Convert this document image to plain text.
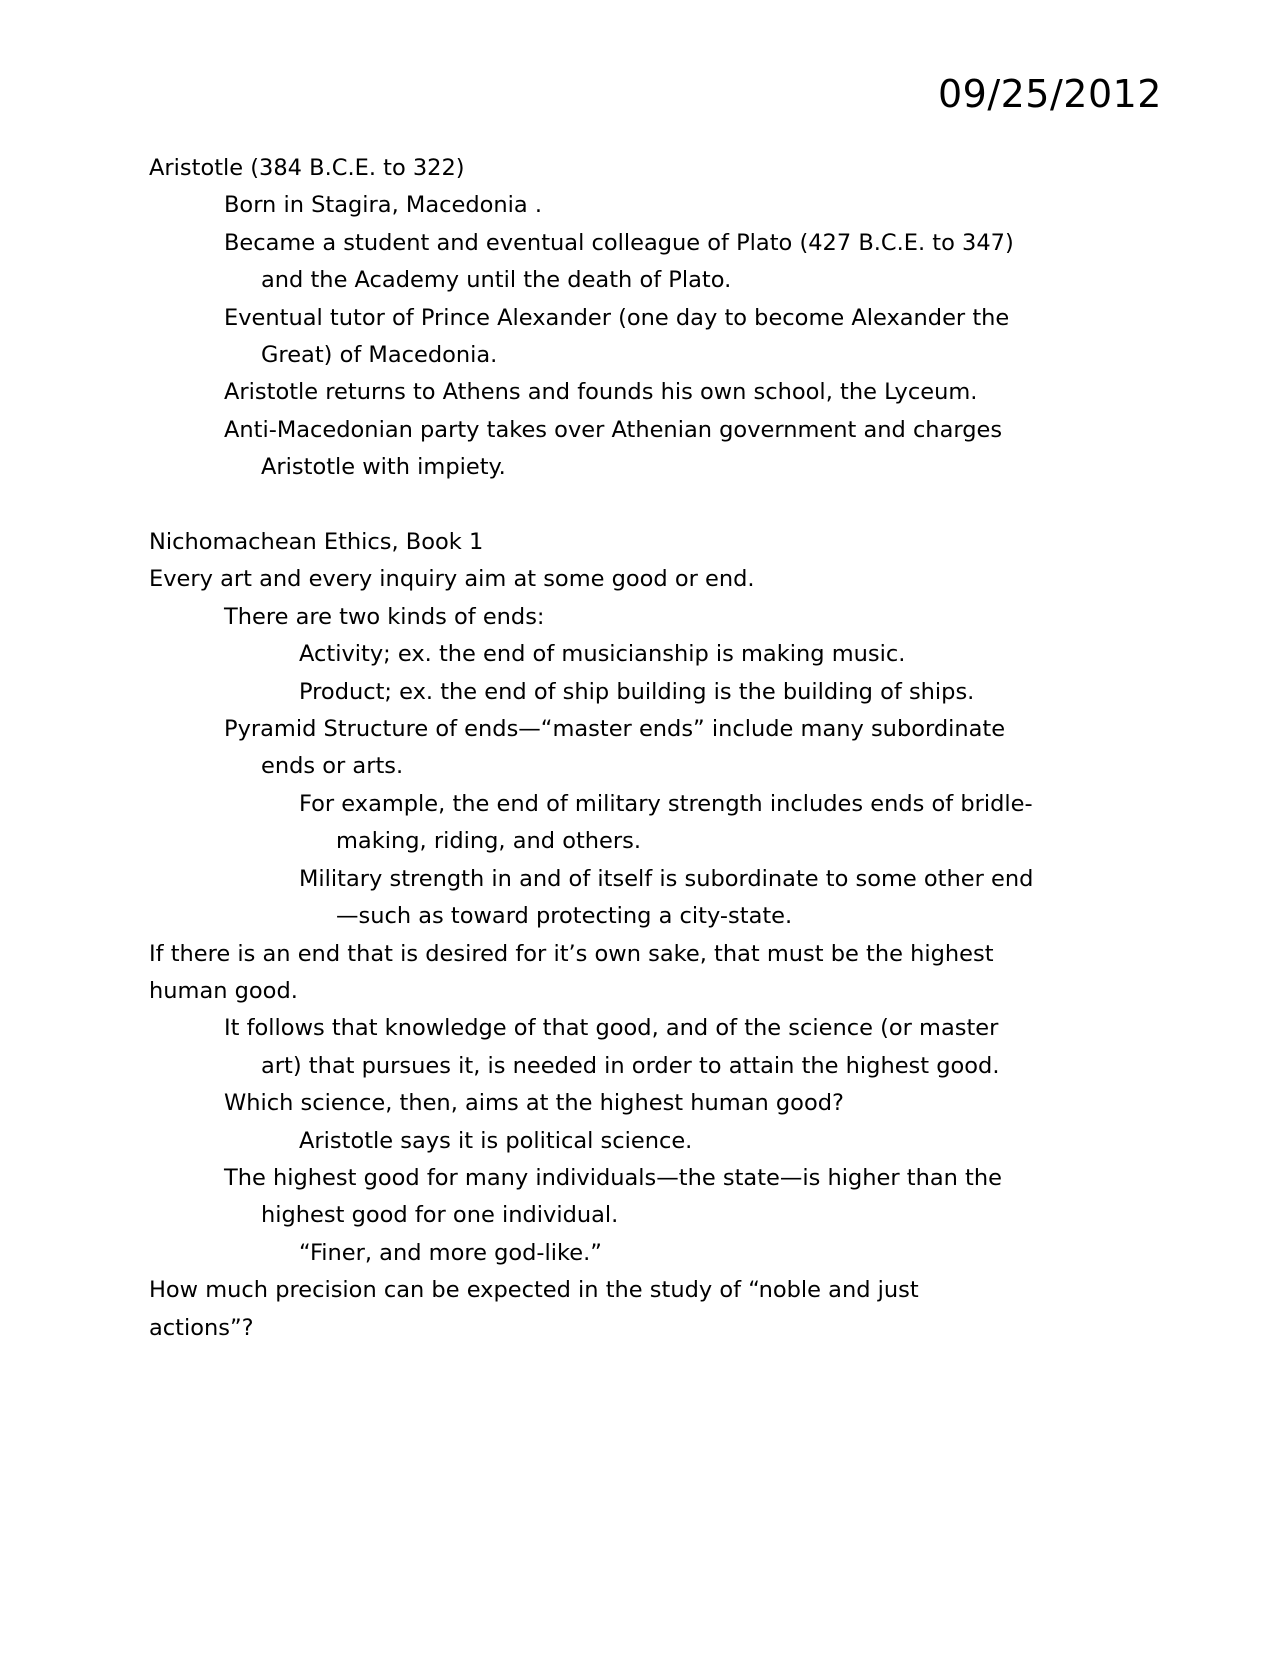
09/25/2012
Aristotle (384 B.C.E. to 322)
Born in Stagira, Macedonia .
Became a student and eventual colleague of Plato (427 B.C.E. to 347)
and the Academy until the death of Plato.
Eventual tutor of Prince Alexander (one day to become Alexander the
Great) of Macedonia.
Aristotle returns to Athens and founds his own school, the Lyceum.
Anti-Macedonian party takes over Athenian government and charges
Aristotle with impiety.
Nichomachean Ethics, Book 1
Every art and every inquiry aim at some good or end.
There are two kinds of ends:
Activity; ex. the end of musicianship is making music.
Product; ex. the end of ship building is the building of ships.
Pyramid Structure of ends—“master ends” include many subordinate
ends or arts.
For example, the end of military strength includes ends of bridle-
making, riding, and others.
Military strength in and of itself is subordinate to some other end
—such as toward protecting a city-state.
If there is an end that is desired for it’s own sake, that must be the highest
human good.
It follows that knowledge of that good, and of the science (or master
art) that pursues it, is needed in order to attain the highest good.
Which science, then, aims at the highest human good?
Aristotle says it is political science.
The highest good for many individuals—the state—is higher than the
highest good for one individual.
“Finer, and more god-like.”
How much precision can be expected in the study of “noble and just
actions”?
